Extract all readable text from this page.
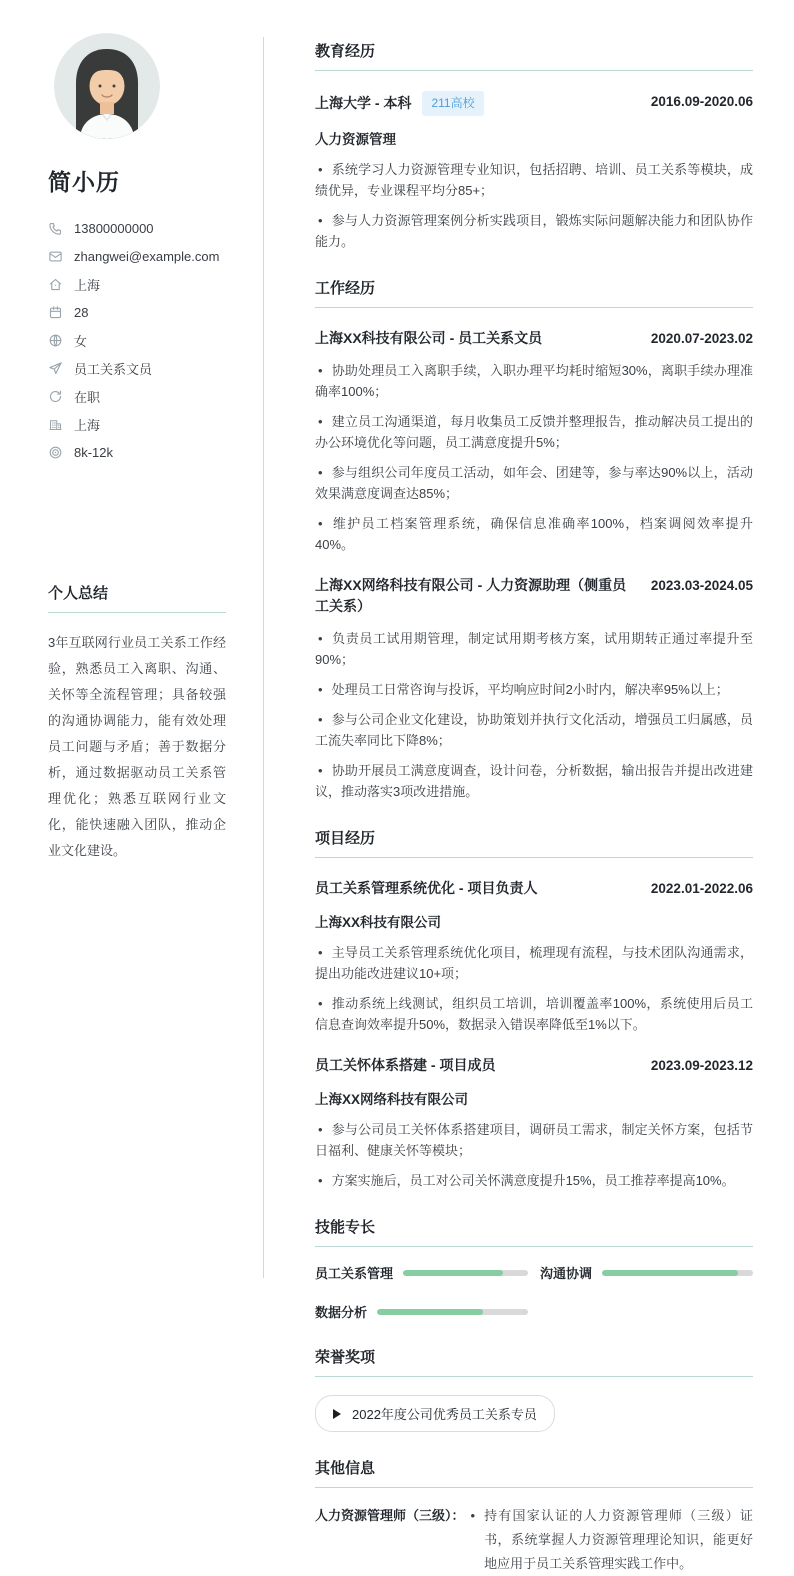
简小历
13800000000
zhangwei@example.com
上海
28
女
员工关系文员
在职
上海
8k-12k
个人总结

3年互联网行业员工关系工作经验，熟悉员工入离职、沟通、关怀等全流程管理；具备较强的沟通协调能力，能有效处理员工问题与矛盾；善于数据分析，通过数据驱动员工关系管理优化；熟悉互联网行业文化，能快速融入团队，推动企业文化建设。

教育经历
上海大学 - 本科 211高校	2016.09-2020.06
人力资源管理

• 系统学习人力资源管理专业知识，包括招聘、培训、员工关系等模块，成绩优异，专业课程平均分85+；

• 参与人力资源管理案例分析实践项目，锻炼实际问题解决能力和团队协作能力。

工作经历
上海XX科技有限公司 - 员工关系文员	2020.07-2023.02

• 协助处理员工入离职手续，入职办理平均耗时缩短30%，离职手续办理准确率100%；

• 建立员工沟通渠道，每月收集员工反馈并整理报告，推动解决员工提出的办公环境优化等问题，员工满意度提升5%；

• 参与组织公司年度员工活动，如年会、团建等，参与率达90%以上，活动效果满意度调查达85%；

• 维护员工档案管理系统，确保信息准确率100%，档案调阅效率提升40%。

上海XX网络科技有限公司 - 人力资源助理（侧重员工关系）
2023.03-2024.05

• 负责员工试用期管理，制定试用期考核方案，试用期转正通过率提升至90%；

• 处理员工日常咨询与投诉，平均响应时间2小时内，解决率95%以上；

• 参与公司企业文化建设，协助策划并执行文化活动，增强员工归属感，员工流失率同比下降8%；

• 协助开展员工满意度调查，设计问卷，分析数据，输出报告并提出改进建议，推动落实3项改进措施。

项目经历
员工关系管理系统优化 - 项目负责人	2022.01-2022.06
上海XX科技有限公司

• 主导员工关系管理系统优化项目，梳理现有流程，与技术团队沟通需求，提出功能改进建议10+项；

• 推动系统上线测试，组织员工培训，培训覆盖率100%，系统使用后员工信息查询效率提升50%，数据录入错误率降低至1%以下。

员工关怀体系搭建 - 项目成员	2023.09-2023.12
上海XX网络科技有限公司

• 参与公司员工关怀体系搭建项目，调研员工需求，制定关怀方案，包括节日福利、健康关怀等模块；

• 方案实施后，员工对公司关怀满意度提升15%，员工推荐率提高10%。

技能专长
员工关系管理	沟通协调
数据分析
荣誉奖项
2022年度公司优秀员工关系专员
其他信息
人力资源管理师（三级）： • 持有国家认证的人力资源管理师（三级）证书，系统掌握人力资源管理理论知识，能更好地应用于员工关系管理实践工作中。
